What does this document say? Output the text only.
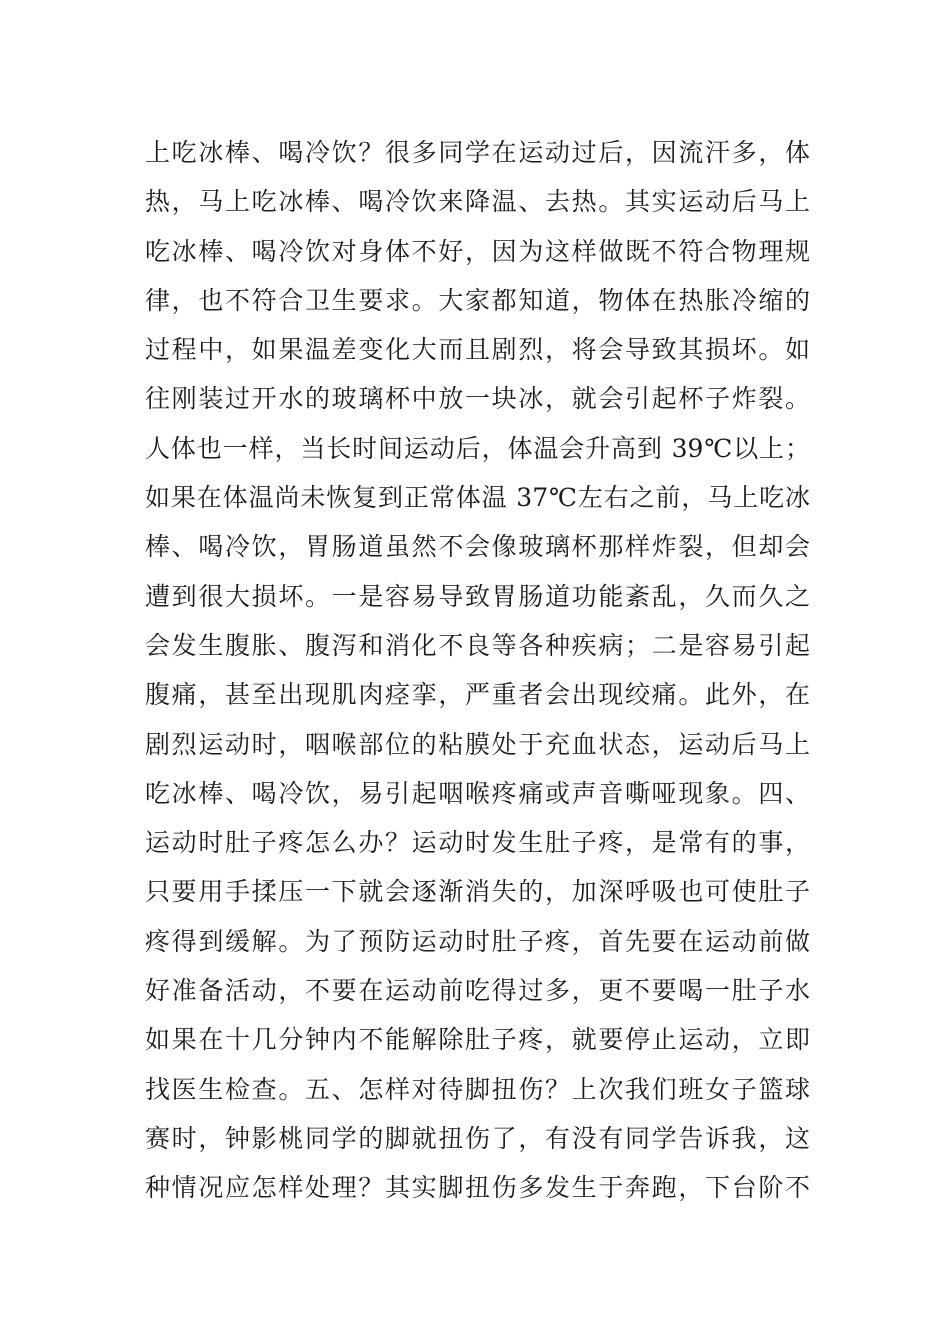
上吃冰棒、喝冷饮？很多同学在运动过后，因流汗多，体
热，马上吃冰棒、喝冷饮来降温、去热。其实运动后马上
吃冰棒、喝冷饮对身体不好，因为这样做既不符合物理规
律，也不符合卫生要求。大家都知道，物体在热胀冷缩的
过程中，如果温差变化大而且剧烈，将会导致其损坏。如
往刚装过开水的玻璃杯中放一块冰，就会引起杯子炸裂。
人体也一样，当长时间运动后，体温会升高到 39℃以上；
如果在体温尚未恢复到正常体温 37℃左右之前，马上吃冰
棒、喝冷饮，胃肠道虽然不会像玻璃杯那样炸裂，但却会
遭到很大损坏。一是容易导致胃肠道功能紊乱，久而久之
会发生腹胀、腹泻和消化不良等各种疾病；二是容易引起
腹痛，甚至出现肌肉痉挛，严重者会出现绞痛。此外，在
剧烈运动时，咽喉部位的粘膜处于充血状态，运动后马上
吃冰棒、喝冷饮，易引起咽喉疼痛或声音嘶哑现象。四、
运动时肚子疼怎么办？运动时发生肚子疼，是常有的事，
只要用手揉压一下就会逐渐消失的，加深呼吸也可使肚子
疼得到缓解。为了预防运动时肚子疼，首先要在运动前做
好准备活动，不要在运动前吃得过多，更不要喝一肚子水
如果在十几分钟内不能解除肚子疼，就要停止运动，立即
找医生检查。五、怎样对待脚扭伤？上次我们班女子篮球
赛时，钟影桃同学的脚就扭伤了，有没有同学告诉我，这
种情况应怎样处理？其实脚扭伤多发生于奔跑，下台阶不
